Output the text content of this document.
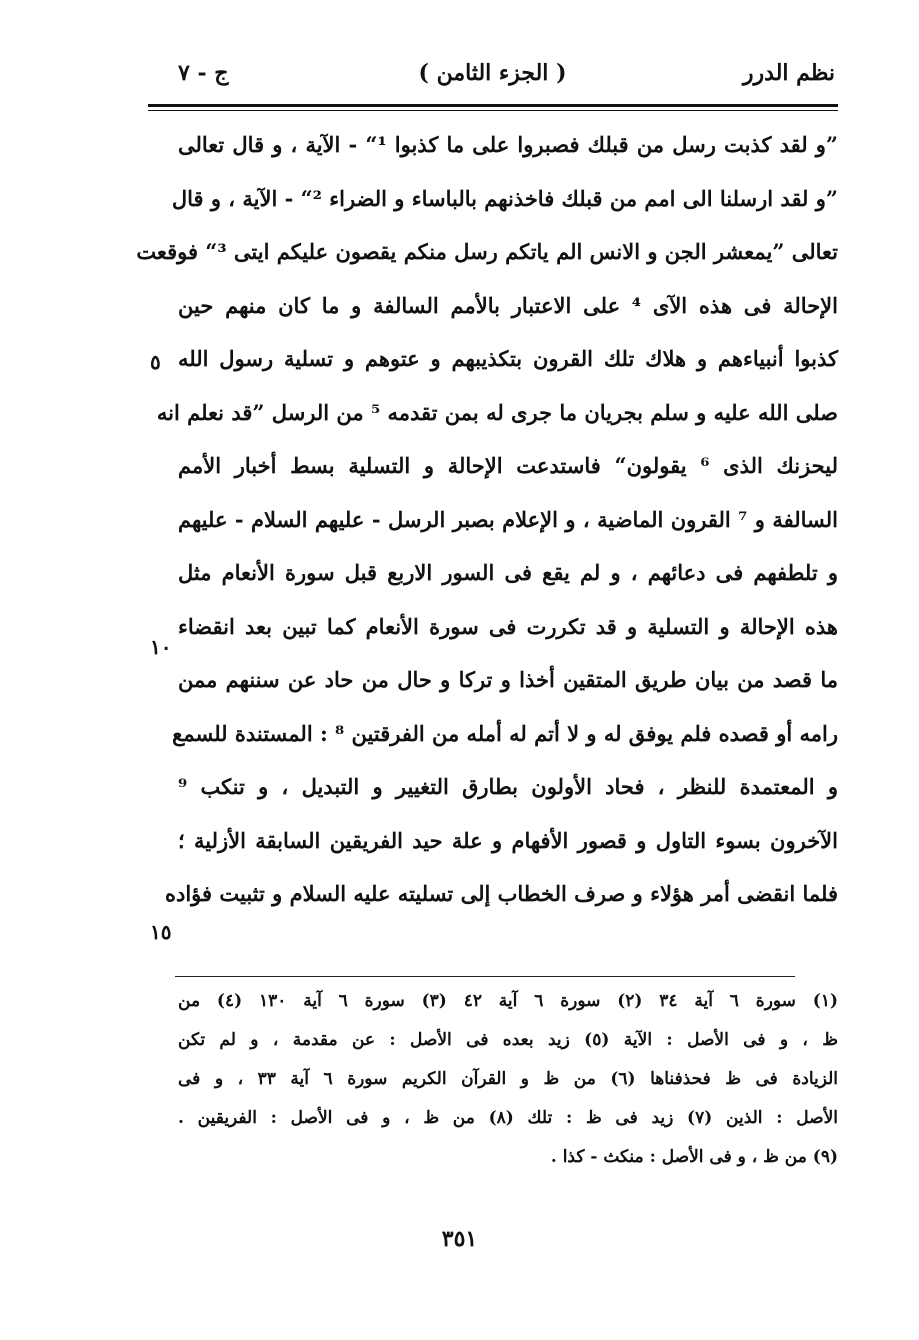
نظم الدرر
( الجزء الثامن )
ج - ٧
”و لقد كذبت رسل من قبلك فصبروا على ما كذبوا ¹“ - الآية ، و قال تعالى
”و لقد ارسلنا الى امم من قبلك فاخذنهم بالباساء و الضراء ²“ - الآية ، و قال
تعالى ”يمعشر الجن و الانس الم ياتكم رسل منكم يقصون عليكم ايتى ³“ فوقعت
الإحالة فى هذه الآى ⁴ على الاعتبار بالأمم السالفة و ما كان منهم حين
كذبوا أنبياءهم و هلاك تلك القرون بتكذيبهم و عتوهم و تسلية رسول الله
صلى الله عليه و سلم بجريان ما جرى له بمن تقدمه ⁵ من الرسل ”قد نعلم انه
ليحزنك الذى ⁶ يقولون“ فاستدعت الإحالة و التسلية بسط أخبار الأمم
السالفة و ⁷ القرون الماضية ، و الإعلام بصبر الرسل - عليهم السلام - عليهم
و تلطفهم فى دعائهم ، و لم يقع فى السور الاربع قبل سورة الأنعام مثل
هذه الإحالة و التسلية و قد تكررت فى سورة الأنعام كما تبين بعد انقضاء
ما قصد من بيان طريق المتقين أخذا و تركا و حال من حاد عن سننهم ممن
رامه أو قصده فلم يوفق له و لا أتم له أمله من الفرقتين ⁸ : المستندة للسمع
و المعتمدة للنظر ، فحاد الأولون بطارق التغيير و التبديل ، و تنكب ⁹
الآخرون بسوء التاول و قصور الأفهام و علة حيد الفريقين السابقة الأزلية ؛
فلما انقضى أمر هؤلاء و صرف الخطاب إلى تسليته عليه السلام و تثبيت فؤاده
٥
١٠
١٥
(١) سورة ٦ آية ٣٤ (٢) سورة ٦ آية ٤٢ (٣) سورة ٦ آية ١٣٠ (٤) من
ظ ، و فى الأصل : الآية (٥) زيد بعده فى الأصل : عن مقدمة ، و لم تكن
الزيادة فى ظ فحذفناها (٦) من ظ و القرآن الكريم سورة ٦ آية ٣٣ ، و فى
الأصل : الذين (٧) زيد فى ظ : تلك (٨) من ظ ، و فى الأصل : الفريقين .
(٩) من ظ ، و فى الأصل : منكث - كذا .
٣٥١
